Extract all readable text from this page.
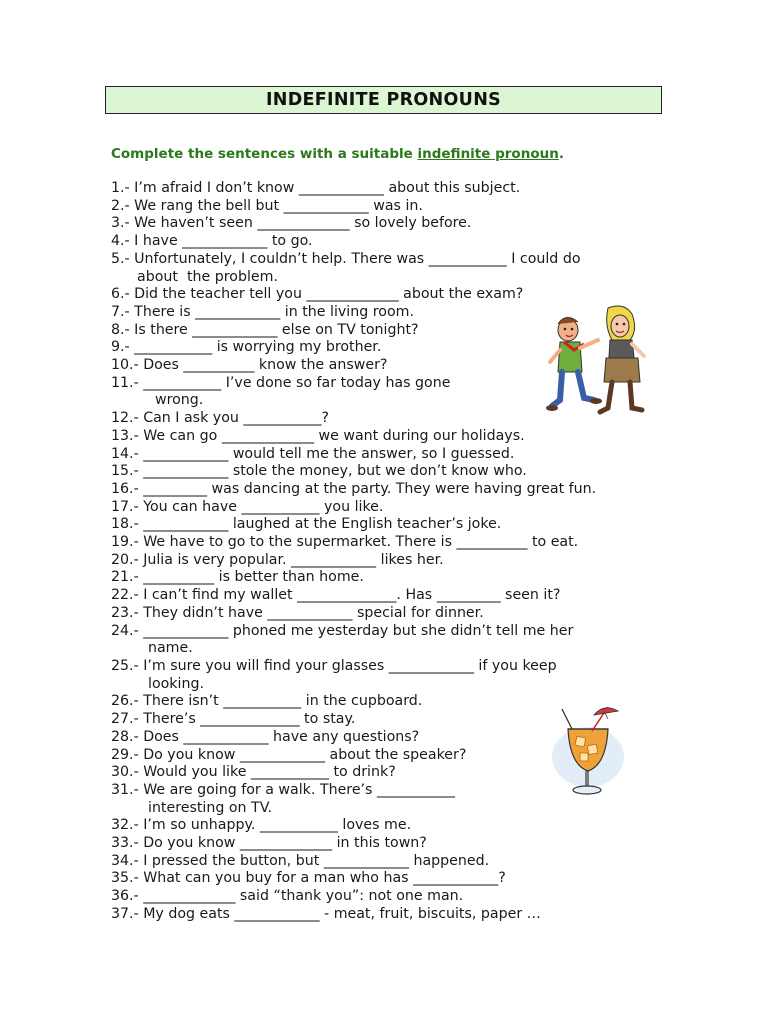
INDEFINITE PRONOUNS
Complete the sentences with a suitable indefinite pronoun.
1.- I’m afraid I don’t know ____________ about this subject.
2.- We rang the bell but ____________ was in.
3.- We haven’t seen _____________ so lovely before.
4.- I have ____________ to go.
5.- Unfortunately, I couldn’t help. There was ___________ I could do
about  the problem.
6.- Did the teacher tell you _____________ about the exam?
7.- There is ____________ in the living room.
8.- Is there ____________ else on TV tonight?
9.- ___________ is worrying my brother.
10.- Does __________ know the answer?
11.- ___________ I’ve done so far today has gone
wrong.
12.- Can I ask you ___________?
13.- We can go _____________ we want during our holidays.
14.- ____________ would tell me the answer, so I guessed.
15.- ____________ stole the money, but we don’t know who.
16.- _________ was dancing at the party. They were having great fun.
17.- You can have ___________ you like.
18.- ____________ laughed at the English teacher’s joke.
19.- We have to go to the supermarket. There is __________ to eat.
20.- Julia is very popular. ____________ likes her.
21.- __________ is better than home.
22.- I can’t find my wallet ______________. Has _________ seen it?
23.- They didn’t have ____________ special for dinner.
24.- ____________ phoned me yesterday but she didn’t tell me her
name.
25.- I’m sure you will find your glasses ____________ if you keep
looking.
26.- There isn’t ___________ in the cupboard.
27.- There’s ______________ to stay.
28.- Does ____________ have any questions?
29.- Do you know ____________ about the speaker?
30.- Would you like ___________ to drink?
31.- We are going for a walk. There’s ___________
interesting on TV.
32.- I’m so unhappy. ___________ loves me.
33.- Do you know _____________ in this town?
34.- I pressed the button, but ____________ happened.
35.- What can you buy for a man who has ____________?
36.- _____________ said “thank you”: not one man.
37.- My dog eats ____________ - meat, fruit, biscuits, paper …
